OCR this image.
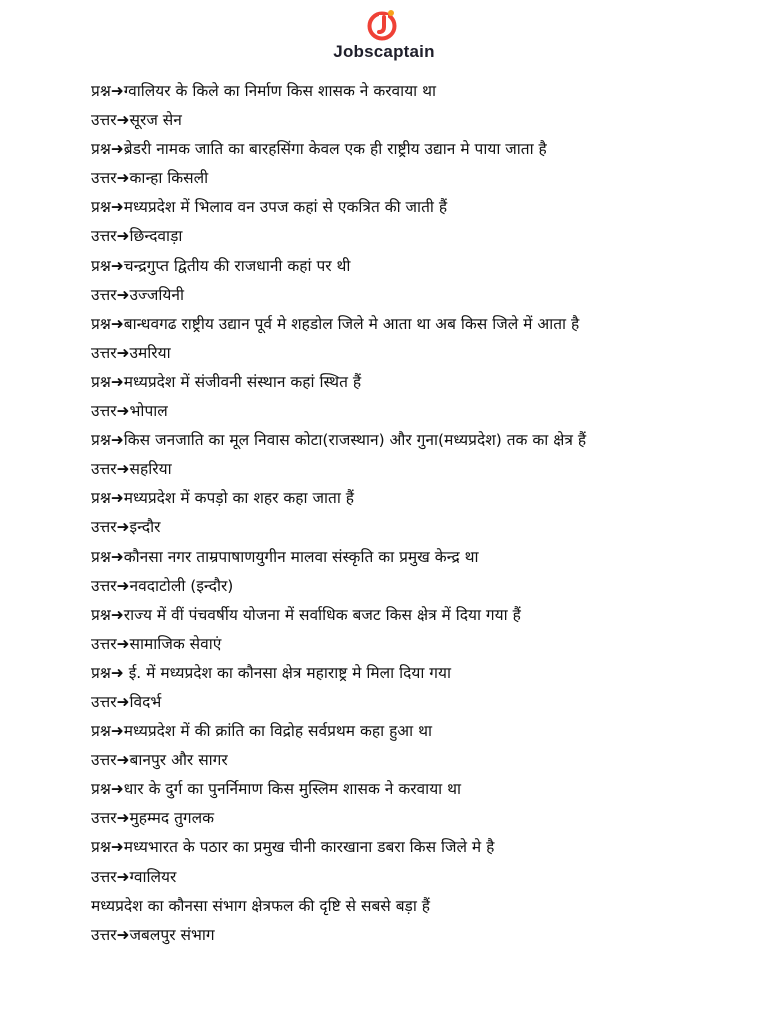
Jobscaptain
प्रश्न➜ग्वालियर के किले का निर्माण किस शासक ने करवाया था
उत्तर➜सूरज सेन
प्रश्न➜ब्रेडरी नामक जाति का बारहसिंगा केवल एक ही राष्ट्रीय उद्यान मे पाया जाता है
उत्तर➜कान्हा किसली
प्रश्न➜मध्यप्रदेश में भिलाव वन उपज कहां से एकत्रित की जाती हैं
उत्तर➜छिन्दवाड़ा
प्रश्न➜चन्द्रगुप्त द्वितीय की राजधानी कहां पर थी
उत्तर➜उज्जयिनी
प्रश्न➜बान्धवगढ राष्ट्रीय उद्यान पूर्व मे शहडोल जिले मे आता था अब किस जिले में आता है
उत्तर➜उमरिया
प्रश्न➜मध्यप्रदेश में संजीवनी संस्थान कहां स्थित हैं
उत्तर➜भोपाल
प्रश्न➜किस जनजाति का मूल निवास कोटा(राजस्थान) और गुना(मध्यप्रदेश) तक का क्षेत्र हैं
उत्तर➜सहरिया
प्रश्न➜मध्यप्रदेश में कपड़ो का शहर कहा जाता हैं
उत्तर➜इन्दौर
प्रश्न➜कौनसा नगर ताम्रपाषाणयुगीन मालवा संस्कृति का प्रमुख केन्द्र था
उत्तर➜नवदाटोली (इन्दौर)
प्रश्न➜राज्य में वीं पंचवर्षीय योजना में सर्वाधिक बजट किस क्षेत्र में दिया गया हैं
उत्तर➜सामाजिक सेवाएं
प्रश्न➜ ई. में मध्यप्रदेश का कौनसा क्षेत्र महाराष्ट्र मे मिला दिया गया
उत्तर➜विदर्भ
प्रश्न➜मध्यप्रदेश में की क्रांति का विद्रोह सर्वप्रथम कहा हुआ था
उत्तर➜बानपुर और सागर
प्रश्न➜धार के दुर्ग का पुनर्निमाण किस मुस्लिम शासक ने करवाया था
उत्तर➜मुहम्मद तुगलक
प्रश्न➜मध्यभारत के पठार का प्रमुख चीनी कारखाना डबरा किस जिले मे है
उत्तर➜ग्वालियर
मध्यप्रदेश का कौनसा संभाग क्षेत्रफल की दृष्टि से सबसे बड़ा हैं
उत्तर➜जबलपुर संभाग
